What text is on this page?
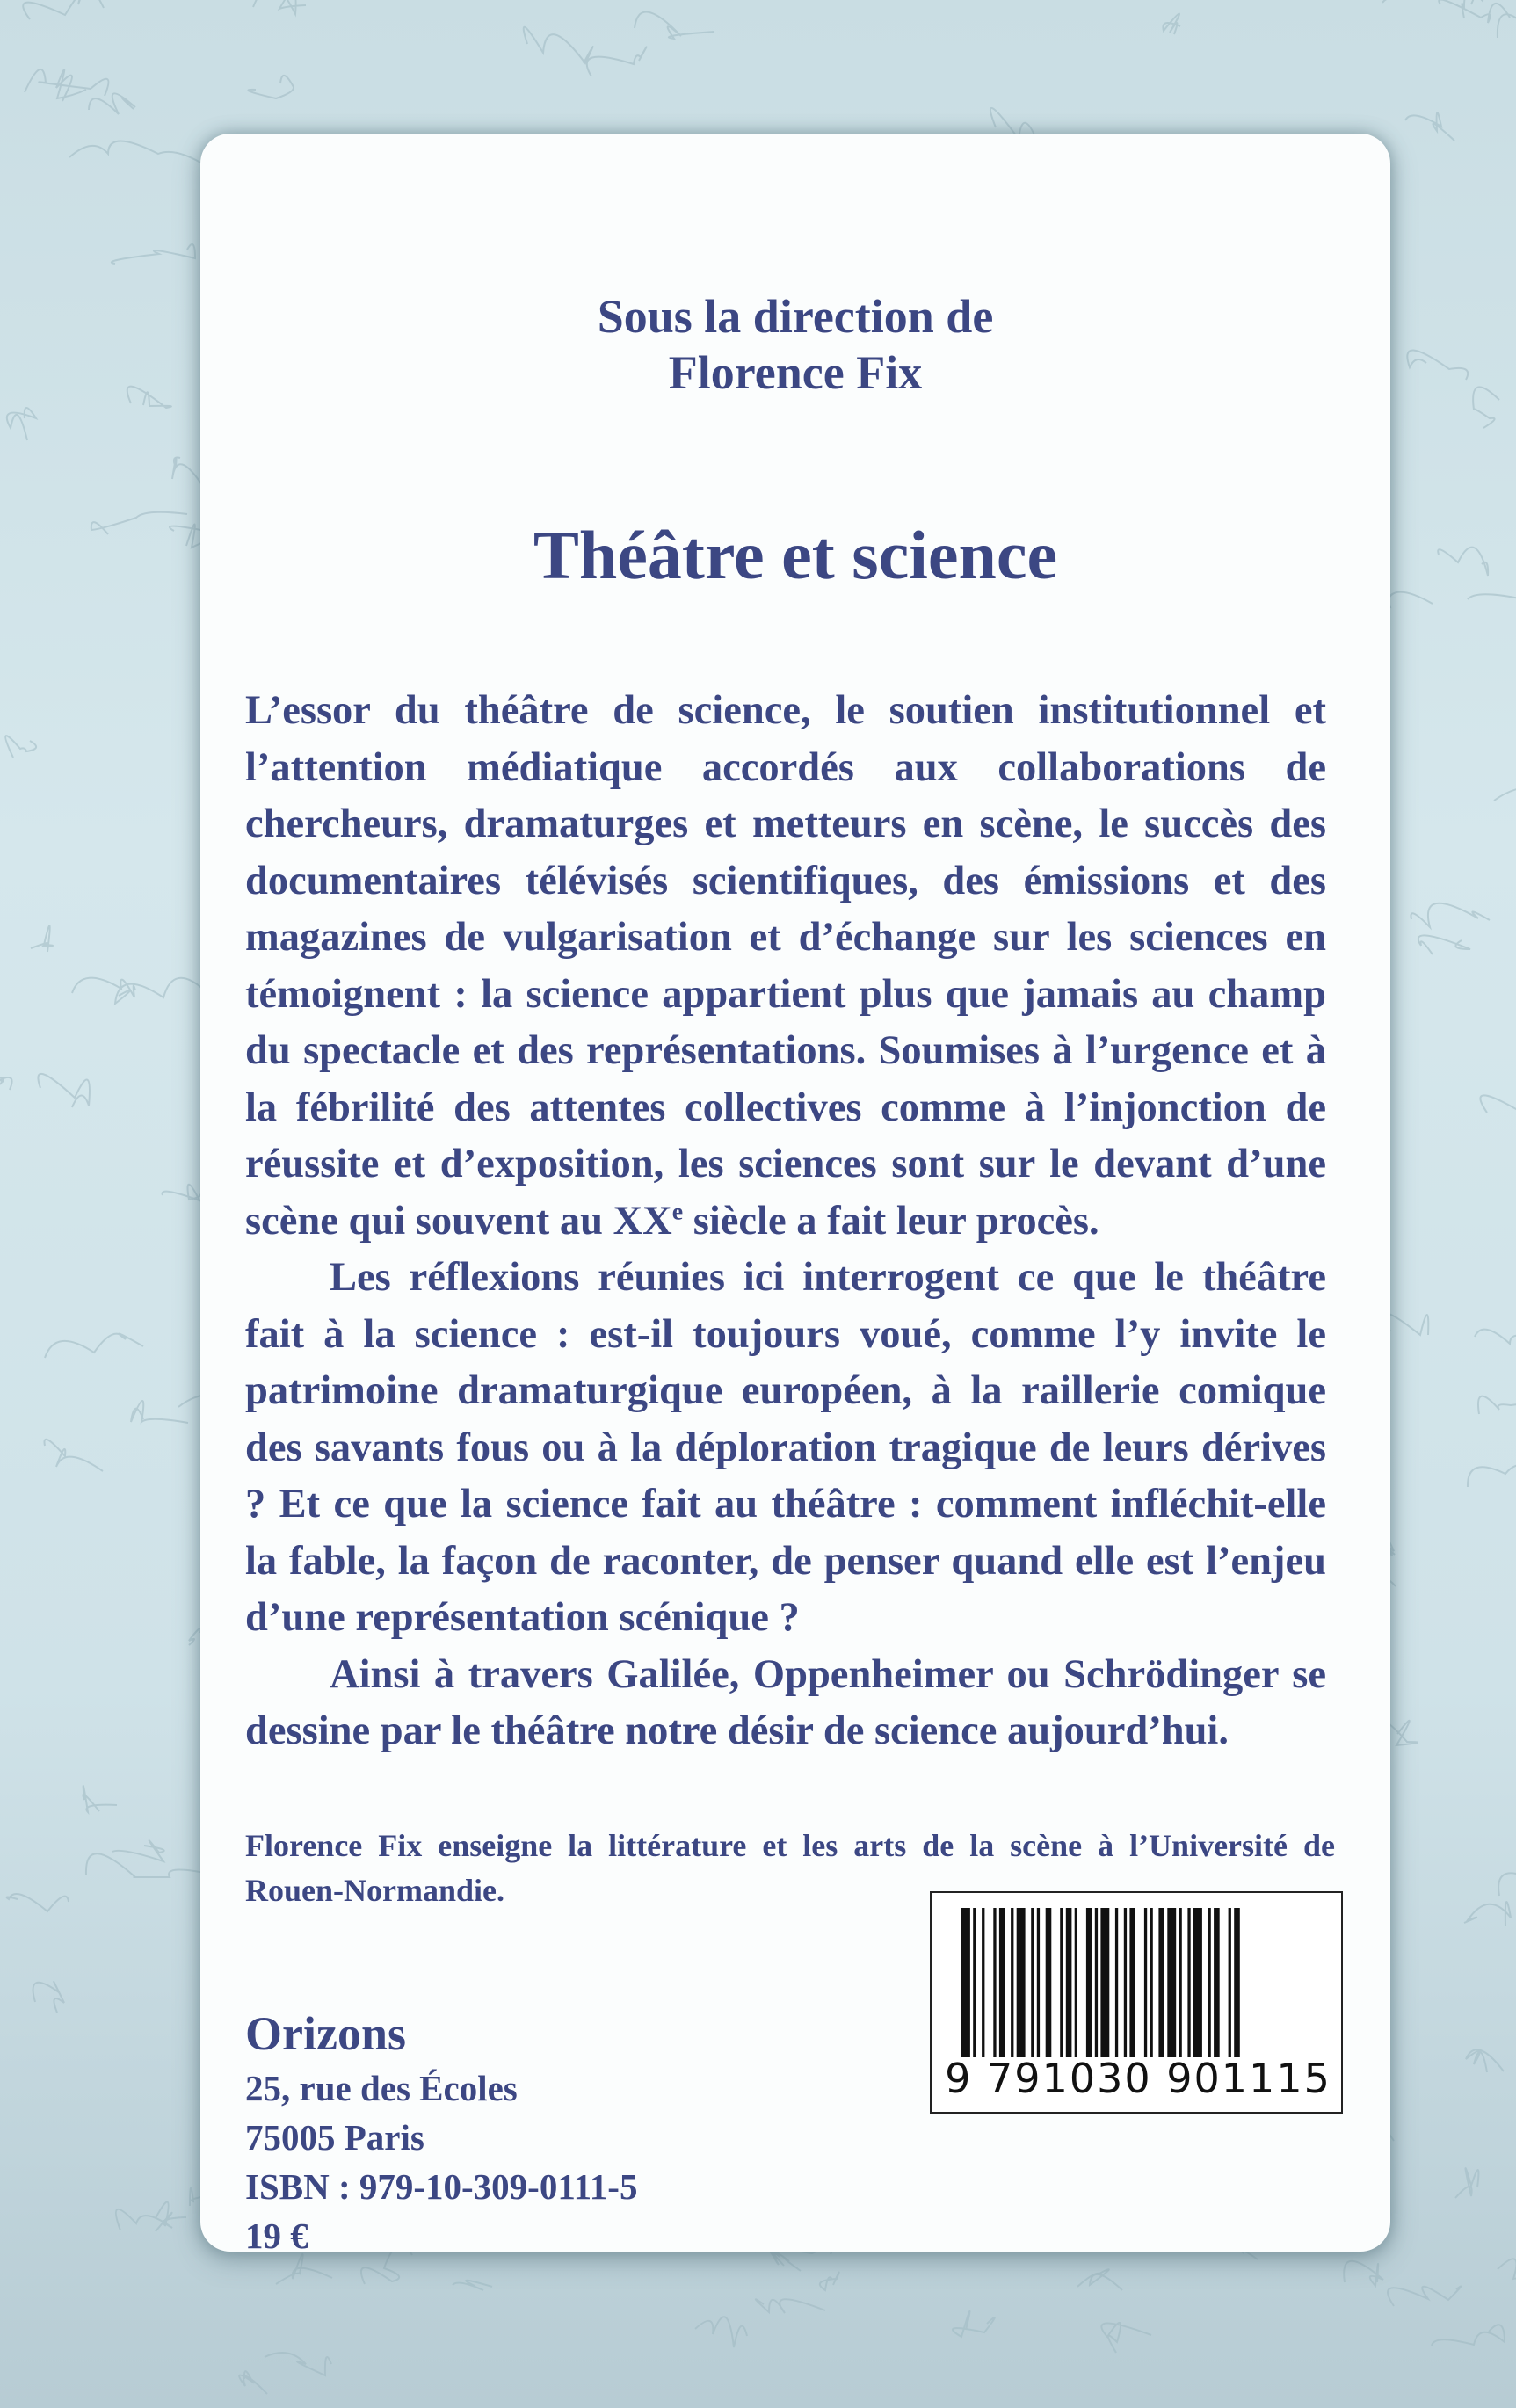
Sous la direction de
Florence Fix
Théâtre et science

L’essor du théâtre de science, le soutien institutionnel et l’attention médiatique accordés aux collaborations de chercheurs, dramaturges et metteurs en scène, le succès des documentaires télévisés scientifiques, des émissions et des magazines de vulgarisation et d’échange sur les sciences en témoignent : la science appartient plus que jamais au champ du spectacle et des représentations. Soumises à l’urgence et à la fébrilité des attentes collectives comme à l’injonction de réussite et d’exposition, les sciences sont sur le devant d’une scène qui souvent au XXe siècle a fait leur procès.

Les réflexions réunies ici interrogent ce que le théâtre fait à la science : est-il toujours voué, comme l’y invite le patrimoine dramaturgique européen, à la raillerie comique des savants fous ou à la déploration tragique de leurs dérives ? Et ce que la science fait au théâtre : comment infléchit-elle la fable, la façon de raconter, de penser quand elle est l’enjeu d’une représentation scénique ?

Ainsi à travers Galilée, Oppenheimer ou Schrödinger se dessine par le théâtre notre désir de science aujourd’hui.

Florence Fix enseigne la littérature et les arts de la scène à l’Université de Rouen-Normandie.
Orizons
25, rue des Écoles
75005 Paris
ISBN : 979-10-309-0111-5
19 €
9 791030 901115
